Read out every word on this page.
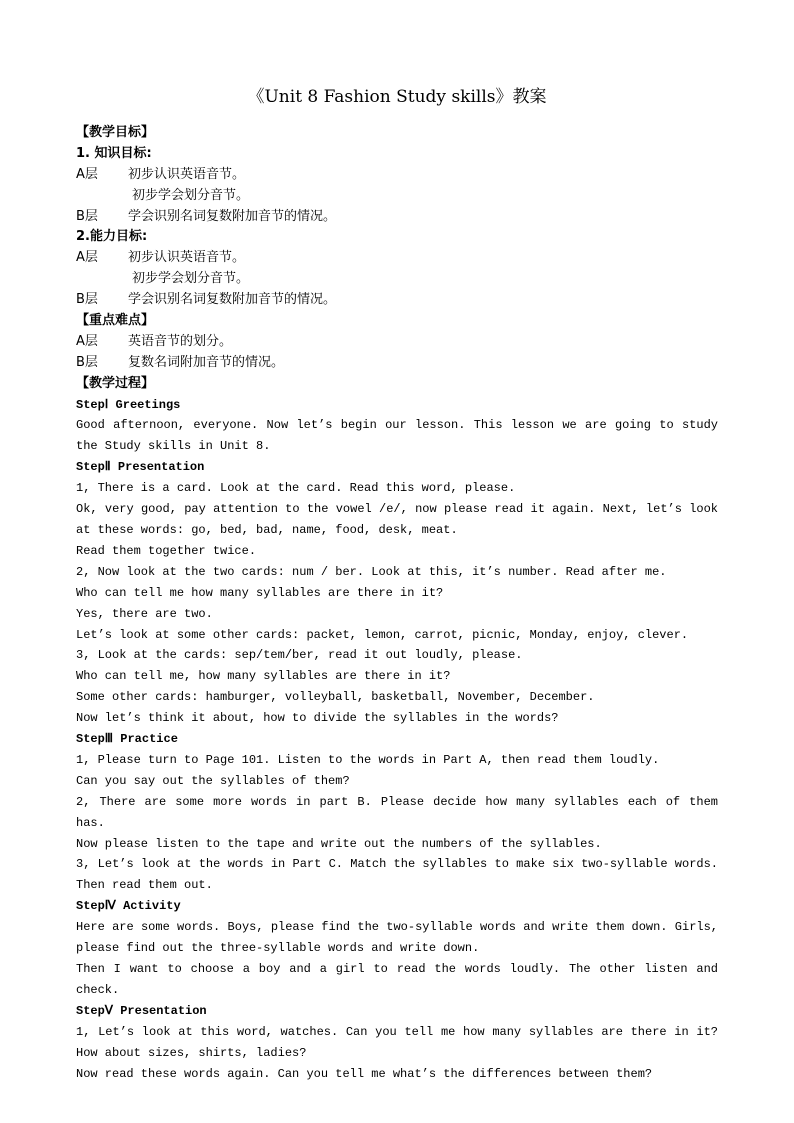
《Unit 8 Fashion Study skills》教案
【教学目标】
1. 知识目标:
A层 初步认识英语音节。
初步学会划分音节。
B层 学会识别名词复数附加音节的情况。
2.能力目标:
A层 初步认识英语音节。
初步学会划分音节。
B层 学会识别名词复数附加音节的情况。
【重点难点】
A层 英语音节的划分。
B层 复数名词附加音节的情况。
【教学过程】
StepⅠ Greetings
Good afternoon, everyone. Now let’s begin our lesson. This lesson we are going to study the Study skills in Unit 8.
StepⅡ Presentation
1, There is a card. Look at the card. Read this word, please.
Ok, very good, pay attention to the vowel /e/, now please read it again. Next, let’s look at these words: go, bed, bad, name, food, desk, meat.
Read them together twice.
2, Now look at the two cards: num / ber. Look at this, it’s number. Read after me.
Who can tell me how many syllables are there in it?
Yes, there are two.
Let’s look at some other cards: packet, lemon, carrot, picnic, Monday, enjoy, clever.
3, Look at the cards: sep/tem/ber, read it out loudly, please.
Who can tell me, how many syllables are there in it?
Some other cards: hamburger, volleyball, basketball, November, December.
Now let’s think it about, how to divide the syllables in the words?
StepⅢ Practice
1, Please turn to Page 101. Listen to the words in Part A, then read them loudly.
Can you say out the syllables of them?
2, There are some more words in part B. Please decide how many syllables each of them has.
Now please listen to the tape and write out the numbers of the syllables.
3, Let’s look at the words in Part C. Match the syllables to make six two-syllable words. Then read them out.
StepⅣ Activity
Here are some words. Boys, please find the two-syllable words and write them down. Girls, please find out the three-syllable words and write down.
Then I want to choose a boy and a girl to read the words loudly. The other listen and check.
StepⅤ Presentation
1, Let’s look at this word, watches. Can you tell me how many syllables are there in it? How about sizes, shirts, ladies?
Now read these words again. Can you tell me what’s the differences between them?
